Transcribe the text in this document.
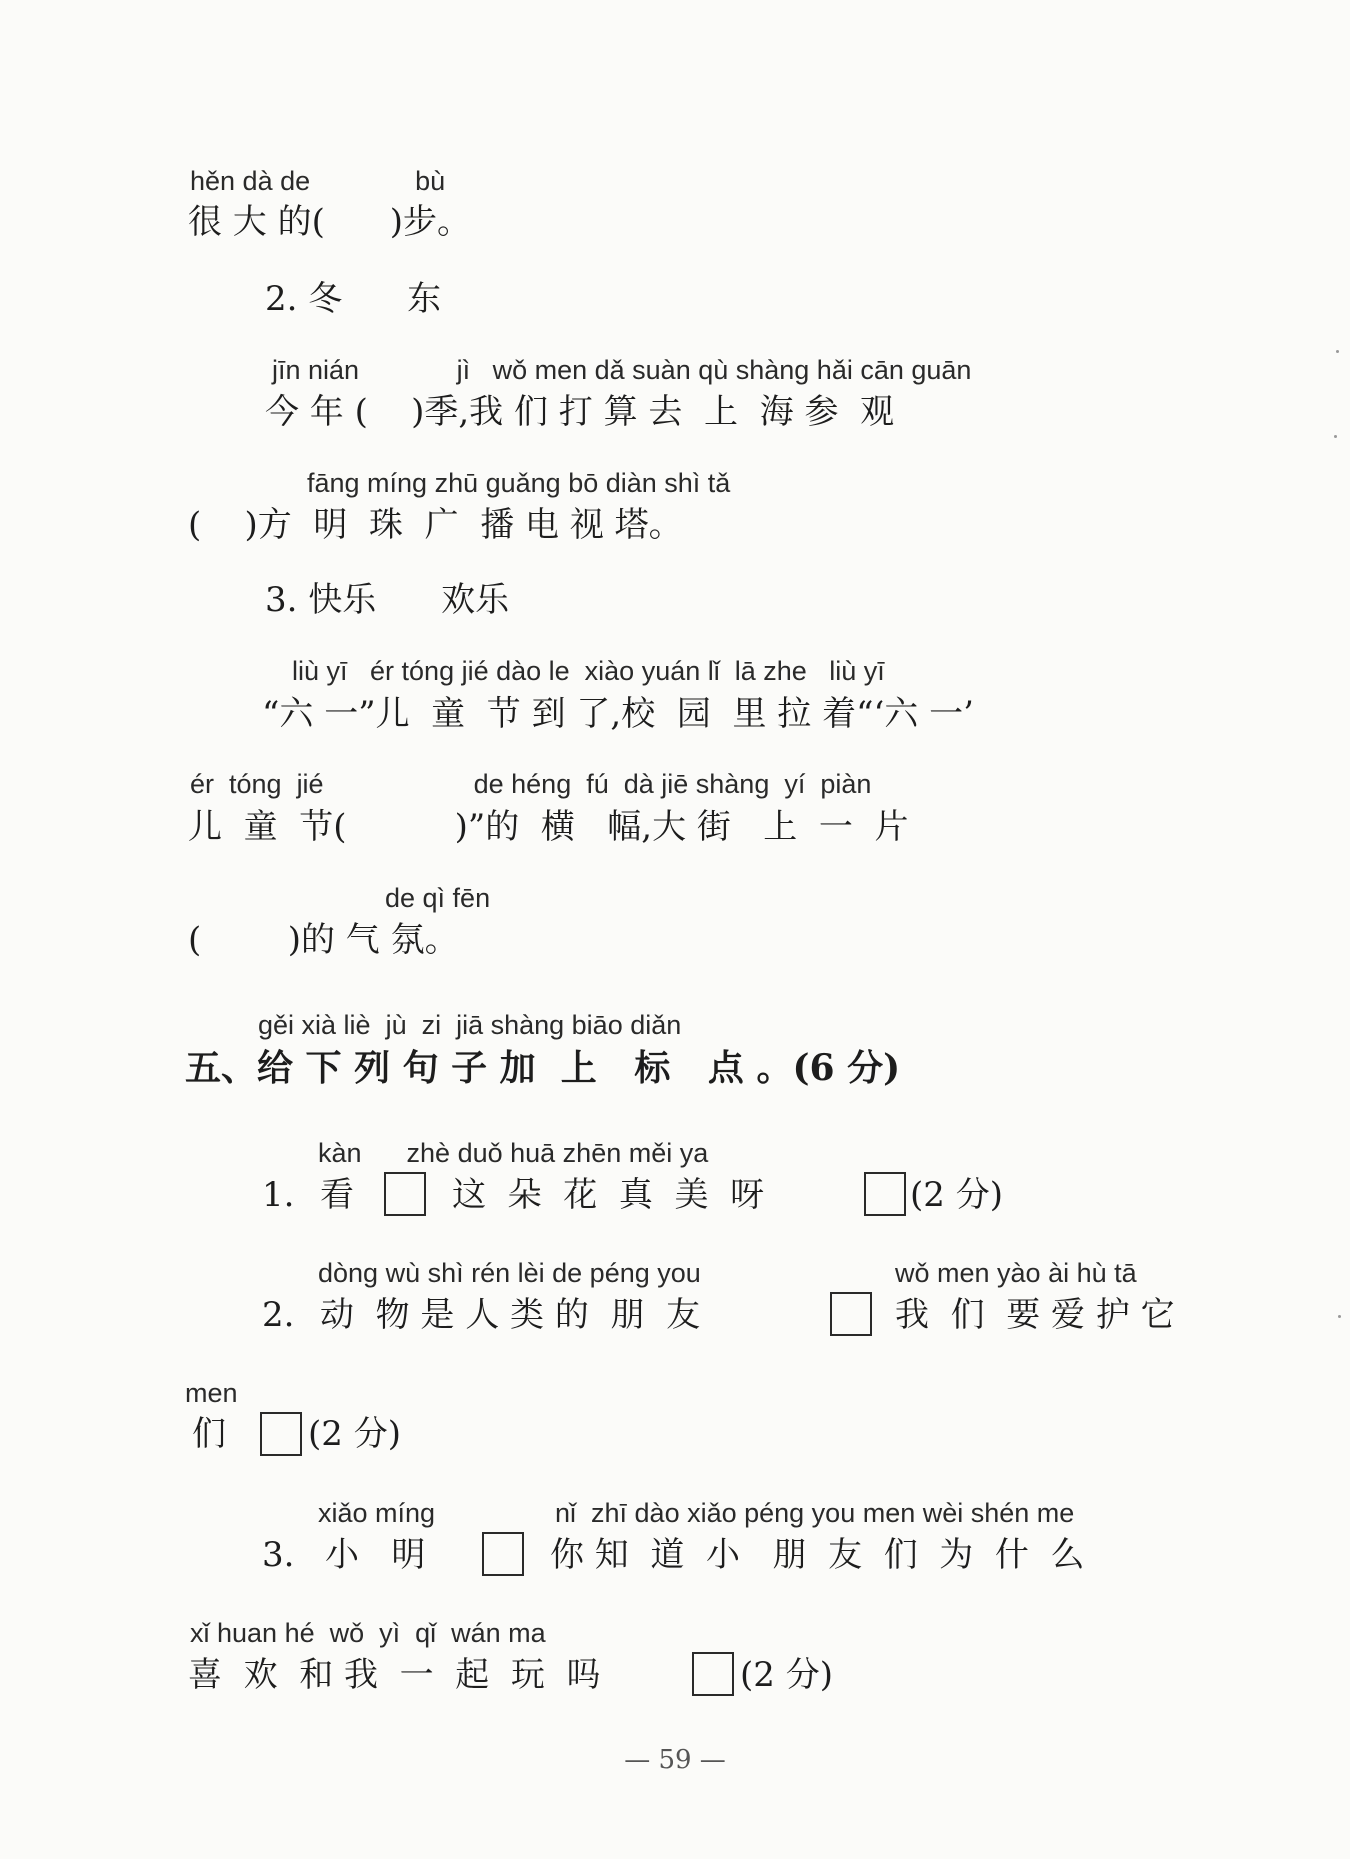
hěn dà de              bù
很 大 的(      )步。
2. 冬      东
jīn nián             jì   wǒ men dǎ suàn qù shàng hǎi cān guān
今 年 (    )季,我 们 打 算 去  上  海 参  观
fāng míng zhū guǎng bō diàn shì tǎ
(    )方  明  珠  广  播 电 视 塔。
3. 快乐      欢乐
liù yī   ér tóng jié dào le  xiào yuán lǐ  lā zhe   liù yī
“六 一”儿  童  节 到 了,校  园  里 拉 着“‘六 一’
ér  tóng  jié                    de héng  fú  dà jiē shàng  yí  piàn
儿  童  节(          )”的  横   幅,大 街   上  一  片
de qì fēn
(        )的 气 氛。
gěi xià liè  jù  zi  jiā shàng biāo diǎn
五、给 下 列 句 子 加  上   标   点 。(6 分)
kàn      zhè duǒ huā zhēn měi ya
1. 看	这  朵  花  真  美  呀	(2 分)
dòng wù shì rén lèi de péng you	wǒ men yào ài hù tā
2. 动  物 是 人 类 的  朋  友	我  们  要 爱 护 它
men
们 (2 分)
xiǎo míng	nǐ  zhī dào xiǎo péng you men wèi shén me
3. 小   明	你 知  道  小   朋  友  们  为  什  么
xǐ huan hé  wǒ  yì  qǐ  wán ma
喜  欢  和 我  一  起  玩  吗	(2 分)
— 59 —
